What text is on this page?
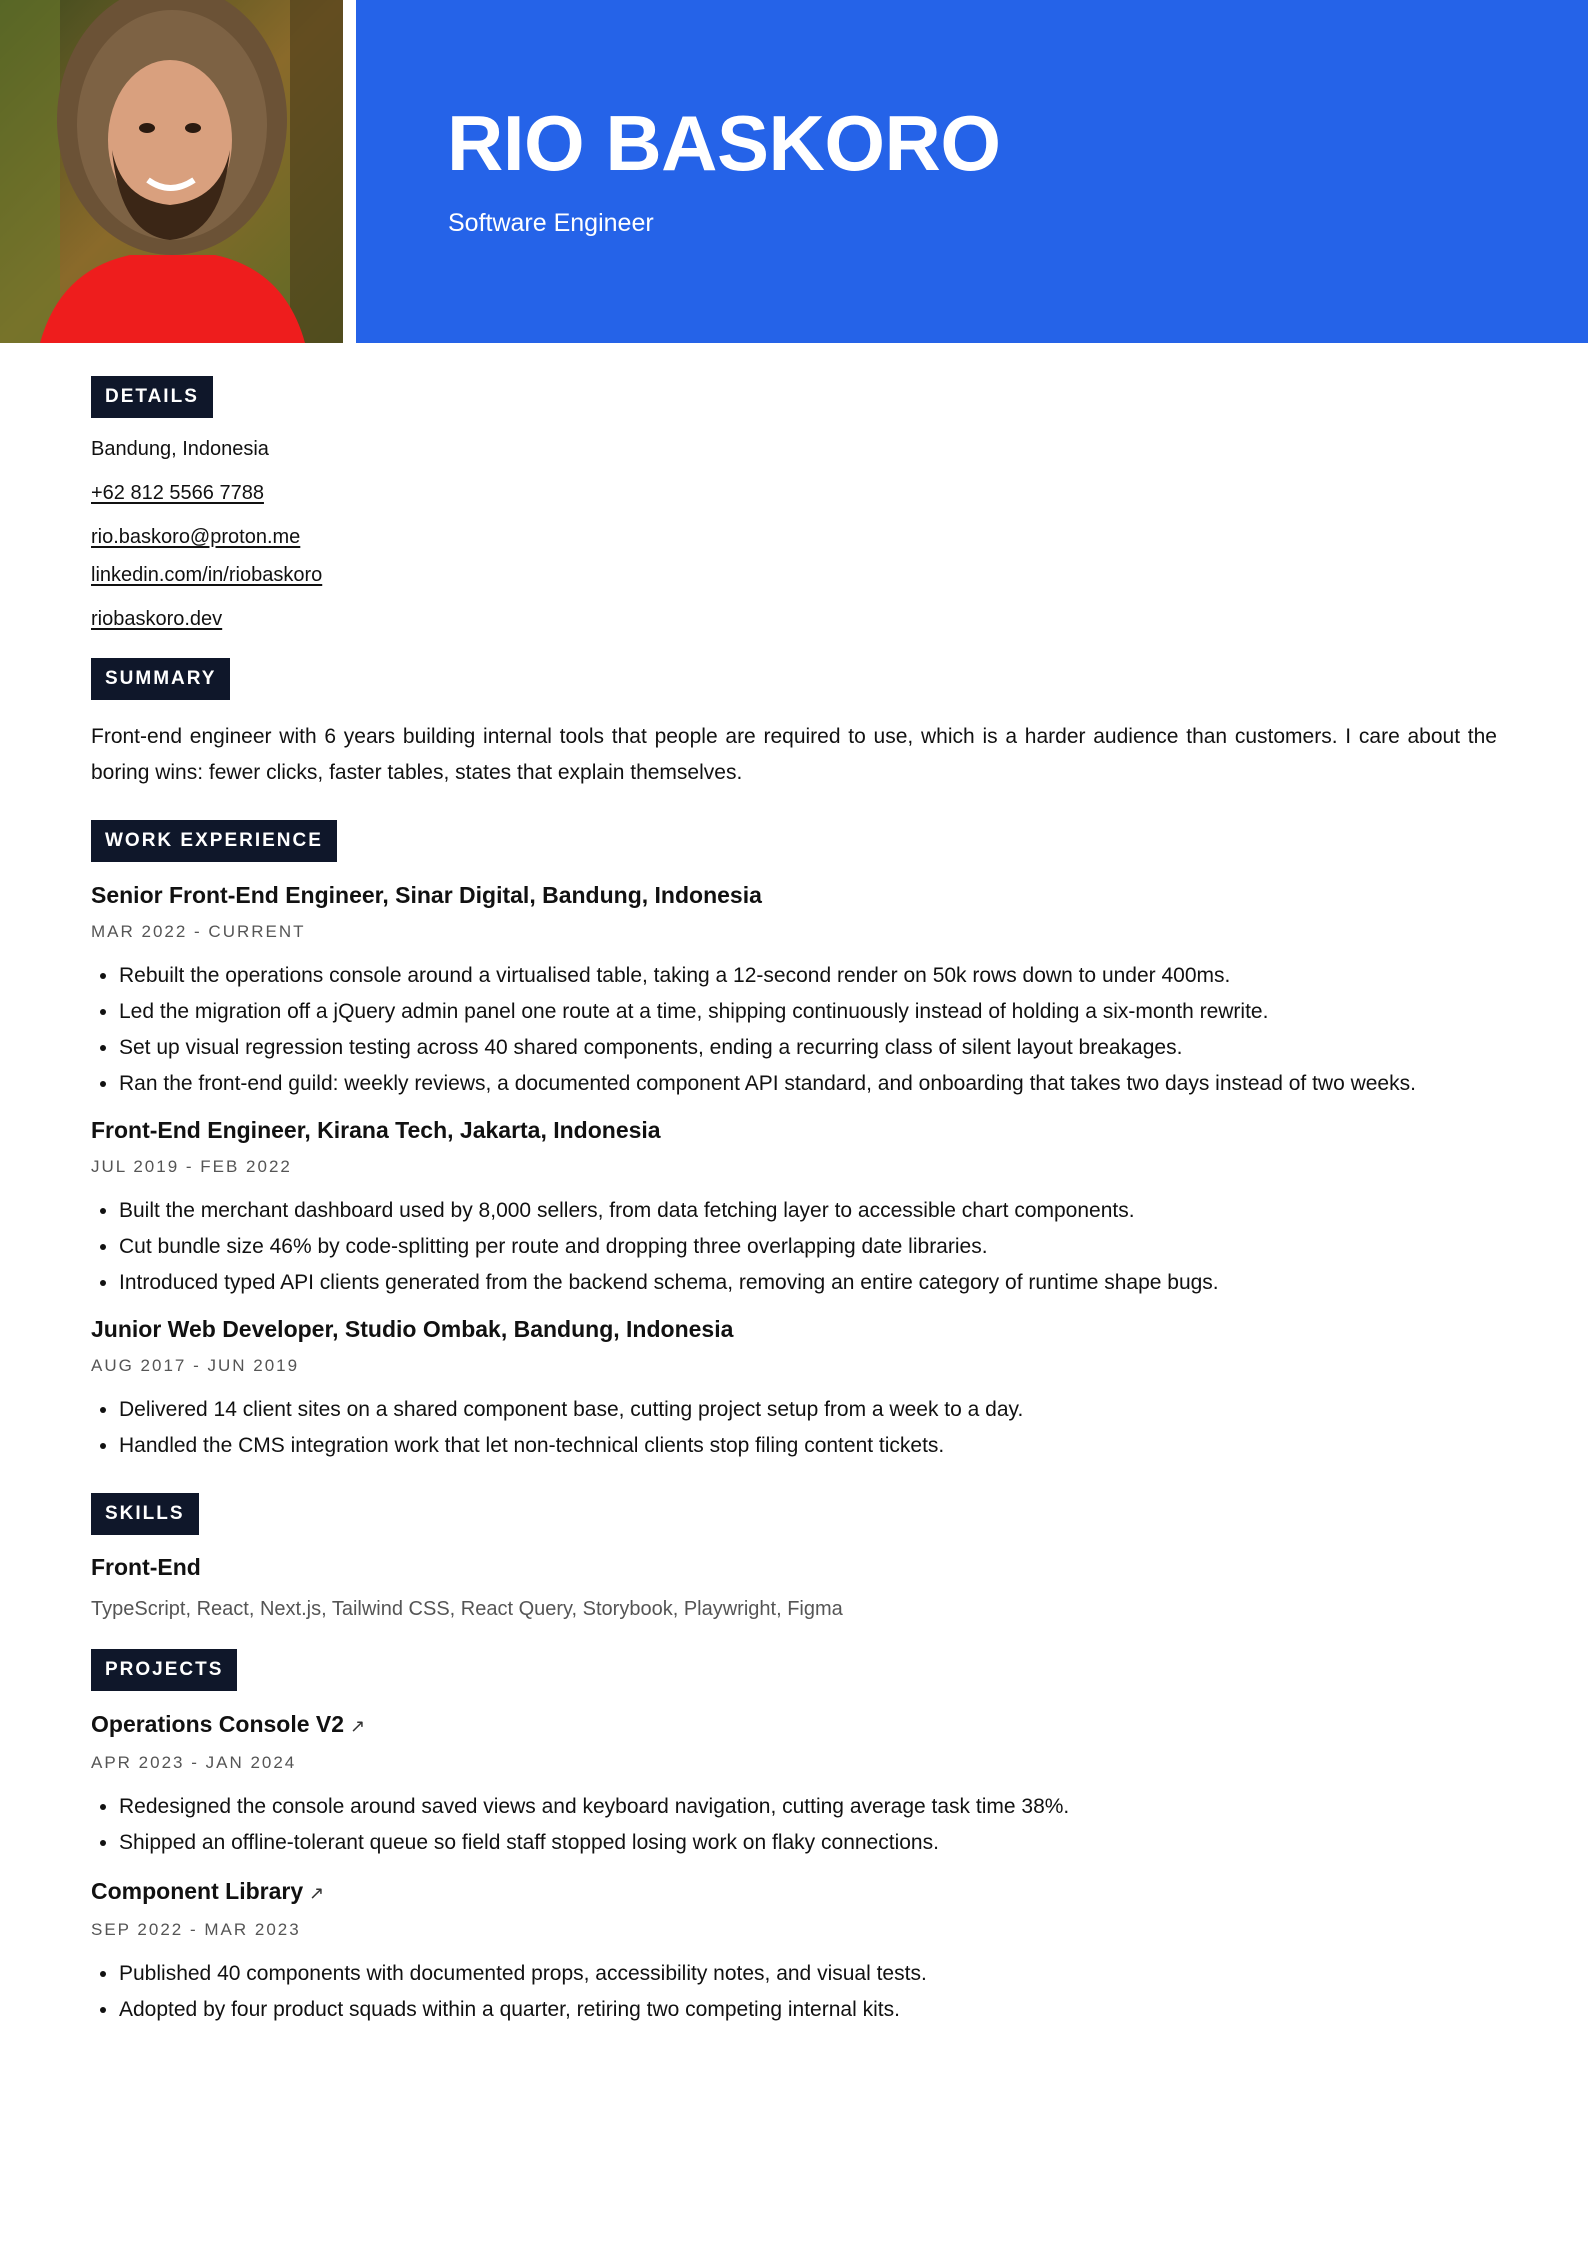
RIO BASKORO
Software Engineer
DETAILS
Bandung, Indonesia
+62 812 5566 7788
rio.baskoro@proton.me
linkedin.com/in/riobaskoro
riobaskoro.dev
SUMMARY
Front-end engineer with 6 years building internal tools that people are required to use, which is a harder audience than customers. I care about the boring wins: fewer clicks, faster tables, states that explain themselves.
WORK EXPERIENCE
Senior Front-End Engineer, Sinar Digital, Bandung, Indonesia
MAR 2022 - CURRENT
• Rebuilt the operations console around a virtualised table, taking a 12-second render on 50k rows down to under 400ms.
• Led the migration off a jQuery admin panel one route at a time, shipping continuously instead of holding a six-month rewrite.
• Set up visual regression testing across 40 shared components, ending a recurring class of silent layout breakages.
• Ran the front-end guild: weekly reviews, a documented component API standard, and onboarding that takes two days instead of two weeks.
Front-End Engineer, Kirana Tech, Jakarta, Indonesia
JUL 2019 - FEB 2022
• Built the merchant dashboard used by 8,000 sellers, from data fetching layer to accessible chart components.
• Cut bundle size 46% by code-splitting per route and dropping three overlapping date libraries.
• Introduced typed API clients generated from the backend schema, removing an entire category of runtime shape bugs.
Junior Web Developer, Studio Ombak, Bandung, Indonesia
AUG 2017 - JUN 2019
• Delivered 14 client sites on a shared component base, cutting project setup from a week to a day.
• Handled the CMS integration work that let non-technical clients stop filing content tickets.
SKILLS
Front-End
TypeScript, React, Next.js, Tailwind CSS, React Query, Storybook, Playwright, Figma
PROJECTS
Operations Console V2 ↗
APR 2023 - JAN 2024
• Redesigned the console around saved views and keyboard navigation, cutting average task time 38%.
• Shipped an offline-tolerant queue so field staff stopped losing work on flaky connections.
Component Library ↗
SEP 2022 - MAR 2023
• Published 40 components with documented props, accessibility notes, and visual tests.
• Adopted by four product squads within a quarter, retiring two competing internal kits.
